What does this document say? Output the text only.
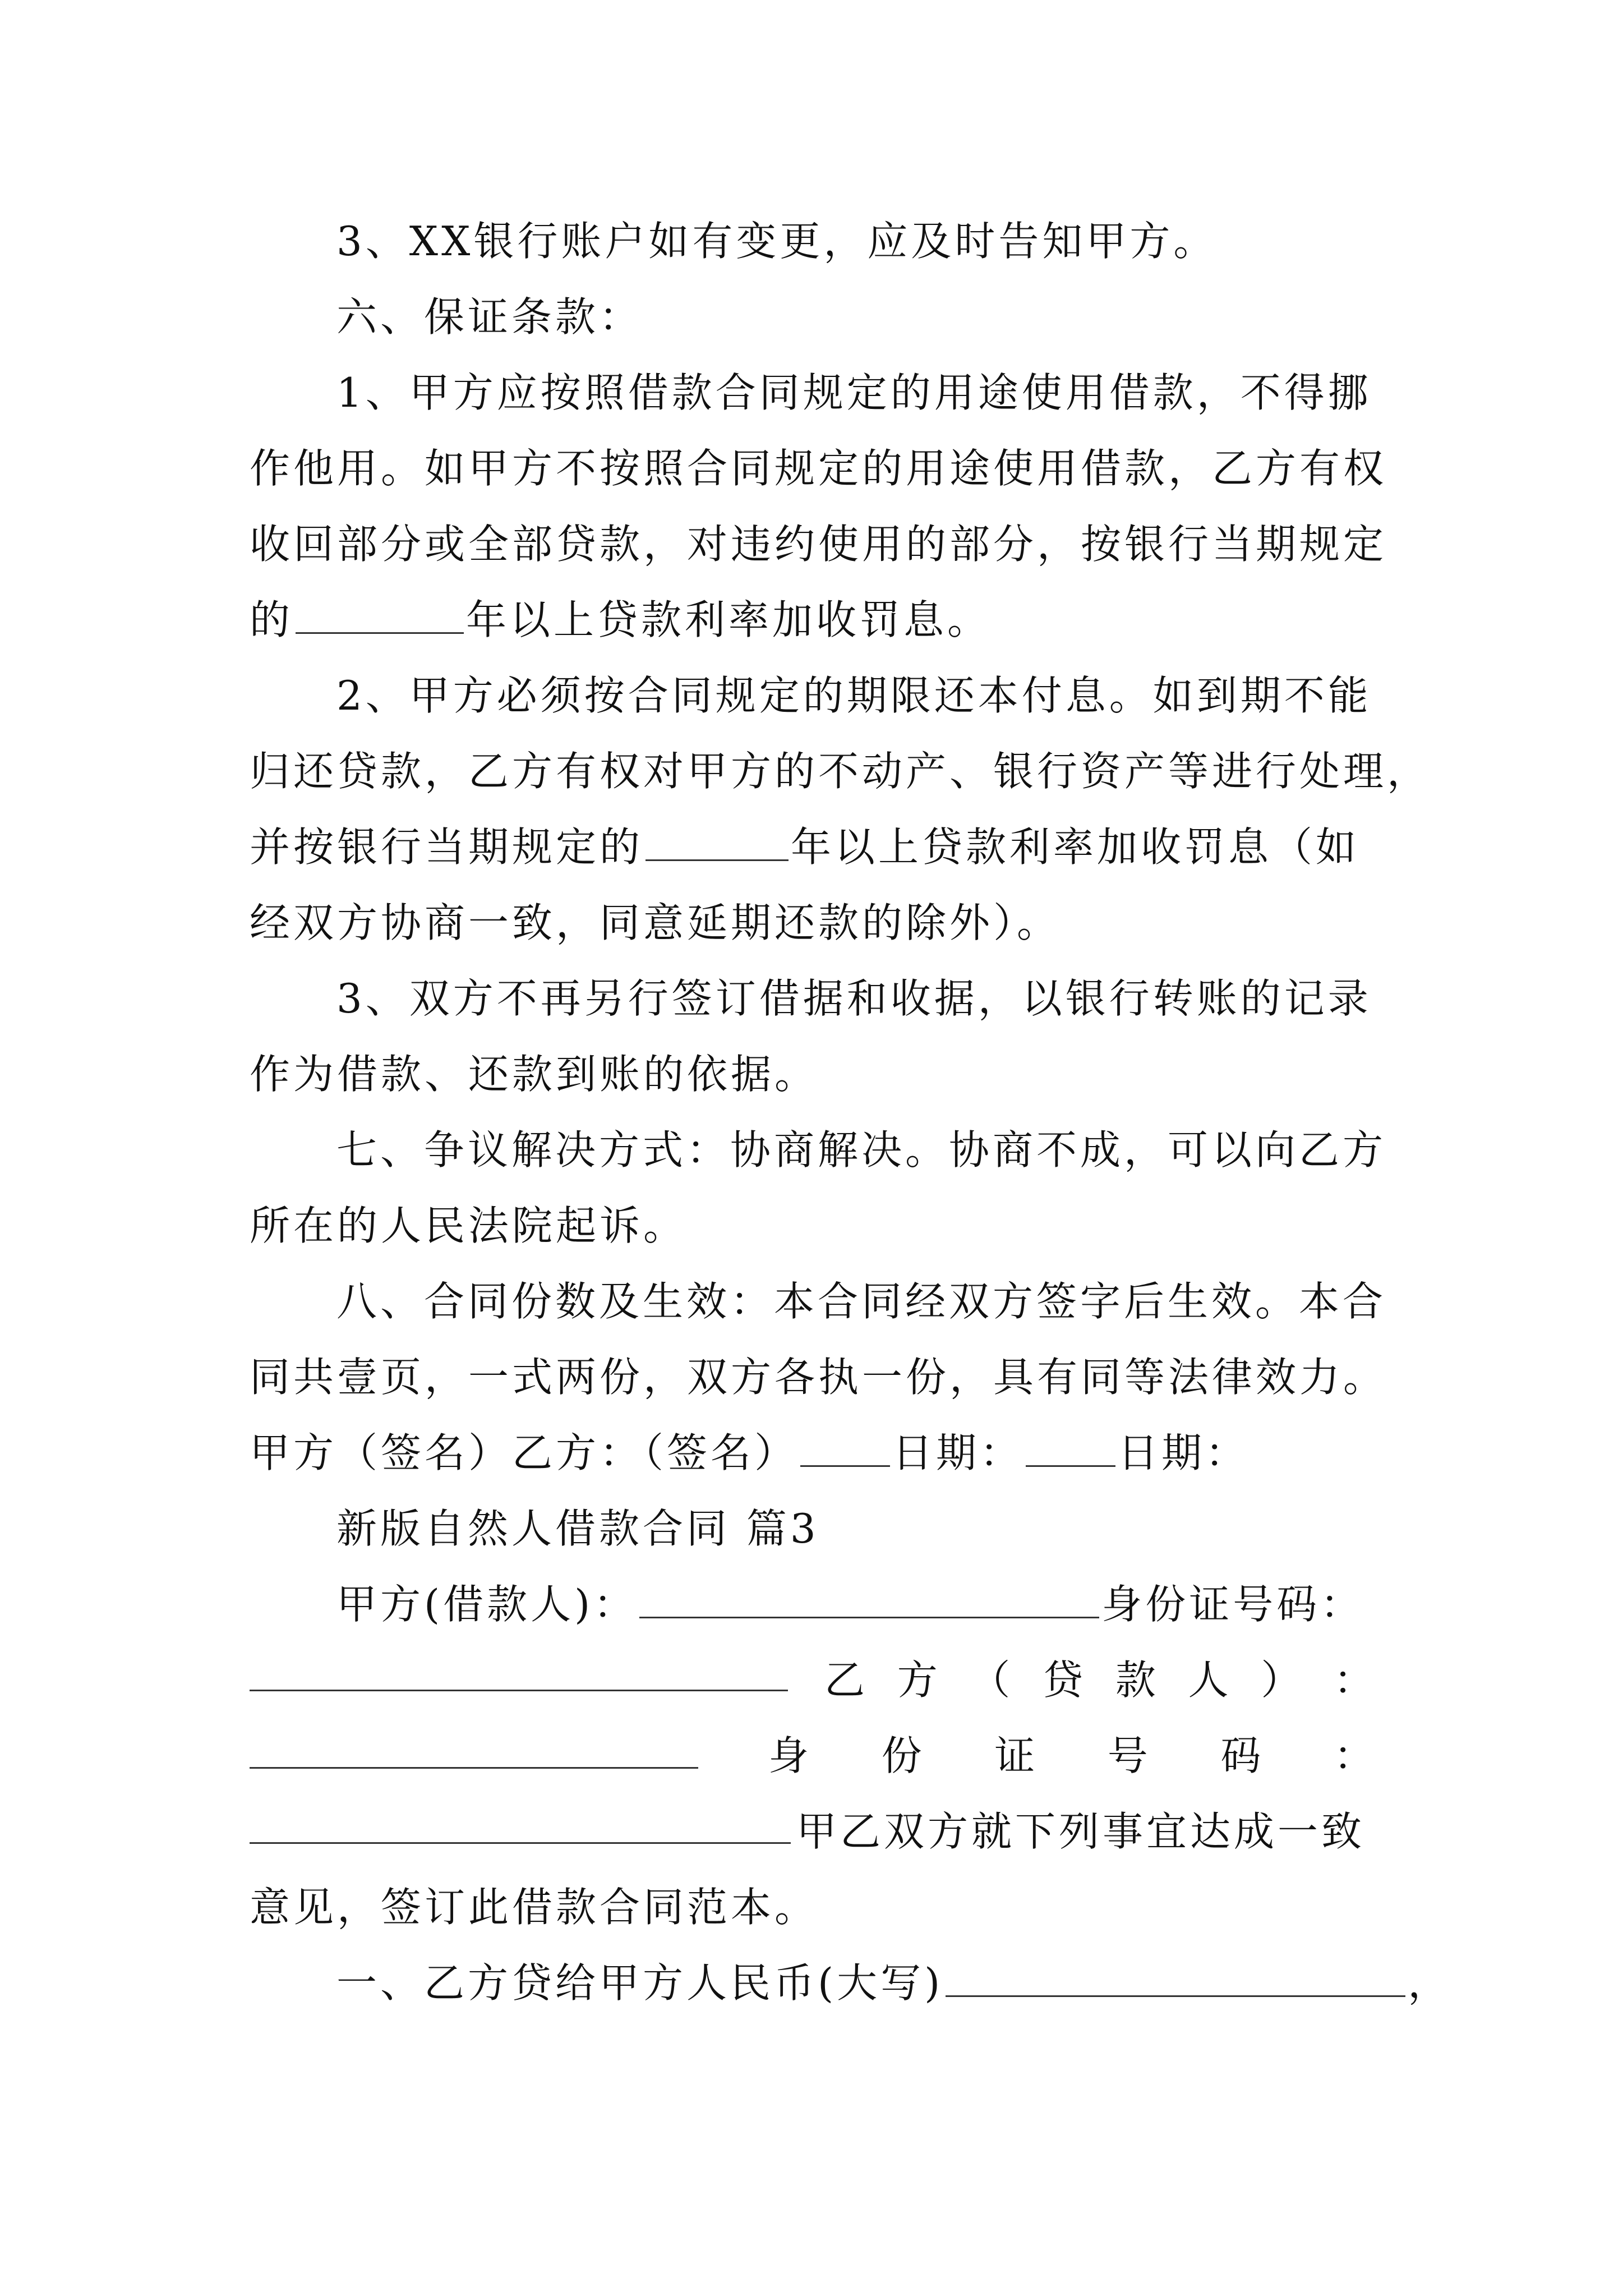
3、XX银行账户如有变更，应及时告知甲方。
六、保证条款：
1、甲方应按照借款合同规定的用途使用借款，不得挪
作他用。如甲方不按照合同规定的用途使用借款，乙方有权
收回部分或全部贷款，对违约使用的部分，按银行当期规定
的	年以上贷款利率加收罚息。
2、甲方必须按合同规定的期限还本付息。如到期不能
归还贷款，乙方有权对甲方的不动产、银行资产等进行处理，
并按银行当期规定的	年以上贷款利率加收罚息（如
经双方协商一致，同意延期还款的除外）。
3、双方不再另行签订借据和收据，以银行转账的记录
作为借款、还款到账的依据。
七、争议解决方式：协商解决。协商不成，可以向乙方
所在的人民法院起诉。
八、合同份数及生效：本合同经双方签字后生效。本合
同共壹页，一式两份，双方各执一份，具有同等法律效力。
甲方（签名）乙方：（签名） 日期： 日期：
新版自然人借款合同 篇3
甲方(借款人)：	身份证号码：
乙 方 （ 贷 款 人 ） ：
身 份 证 号 码 ：
甲乙双方就下列事宜达成一致
意见，签订此借款合同范本。
一、乙方贷给甲方人民币(大写)	，
